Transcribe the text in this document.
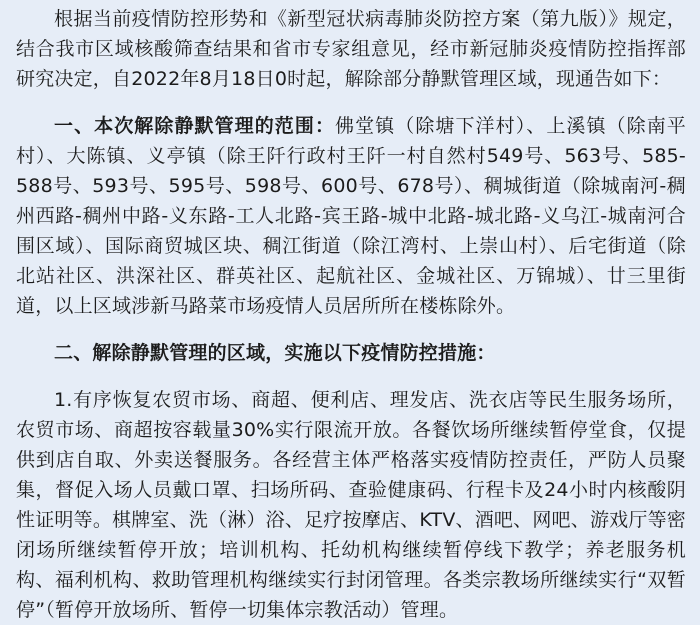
根据当前疫情防控形势和《新型冠状病毒肺炎防控方案（第九版）》规定，结合我市区域核酸筛查结果和省市专家组意见，经市新冠肺炎疫情防控指挥部研究决定，自2022年8月18日0时起，解除部分静默管理区域，现通告如下：

一、本次解除静默管理的范围：佛堂镇（除塘下洋村）、上溪镇（除南平村）、大陈镇、义亭镇（除王阡行政村王阡一村自然村549号、563号、585-588号、593号、595号、598号、600号、678号）、稠城街道（除城南河-稠州西路-稠州中路-义东路-工人北路-宾王路-城中北路-城北路-义乌江-城南河合围区域）、国际商贸城区块、稠江街道（除江湾村、上崇山村）、后宅街道（除北站社区、洪深社区、群英社区、起航社区、金城社区、万锦城）、廿三里街道，以上区域涉新马路菜市场疫情人员居所所在楼栋除外。

二、解除静默管理的区域，实施以下疫情防控措施：

1.有序恢复农贸市场、商超、便利店、理发店、洗衣店等民生服务场所，农贸市场、商超按容载量30%实行限流开放。各餐饮场所继续暂停堂食，仅提供到店自取、外卖送餐服务。各经营主体严格落实疫情防控责任，严防人员聚集，督促入场人员戴口罩、扫场所码、查验健康码、行程卡及24小时内核酸阴性证明等。棋牌室、洗（淋）浴、足疗按摩店、KTV、酒吧、网吧、游戏厅等密闭场所继续暂停开放；培训机构、托幼机构继续暂停线下教学；养老服务机构、福利机构、救助管理机构继续实行封闭管理。各类宗教场所继续实行“双暂停”（暂停开放场所、暂停一切集体宗教活动）管理。
